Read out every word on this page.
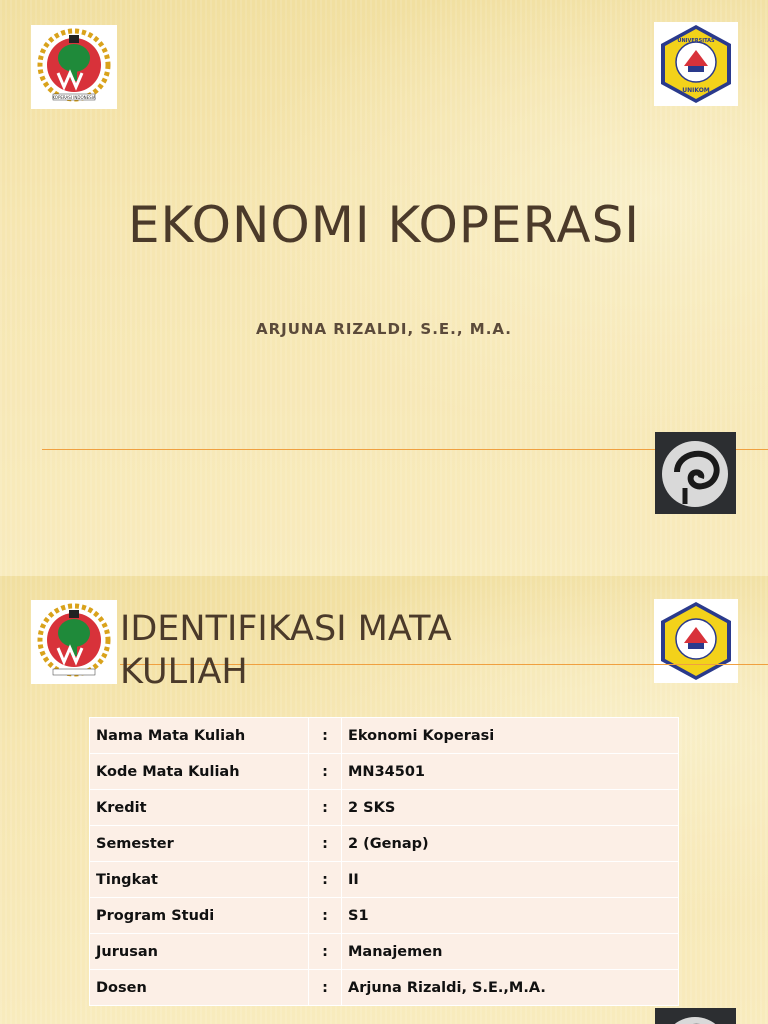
KOPERASI INDONESIA
UNIVERSITAS
UNIKOM
EKONOMI KOPERASI
ARJUNA RIZALDI, S.E., M.A.
IDENTIFIKASI MATA
KULIAH
Nama Mata Kuliah	:	Ekonomi Koperasi
Kode Mata Kuliah	:	MN34501
Kredit	:	2 SKS
Semester	:	2 (Genap)
Tingkat	:	II
Program Studi	:	S1
Jurusan	:	Manajemen
Dosen	:	Arjuna Rizaldi, S.E.,M.A.
